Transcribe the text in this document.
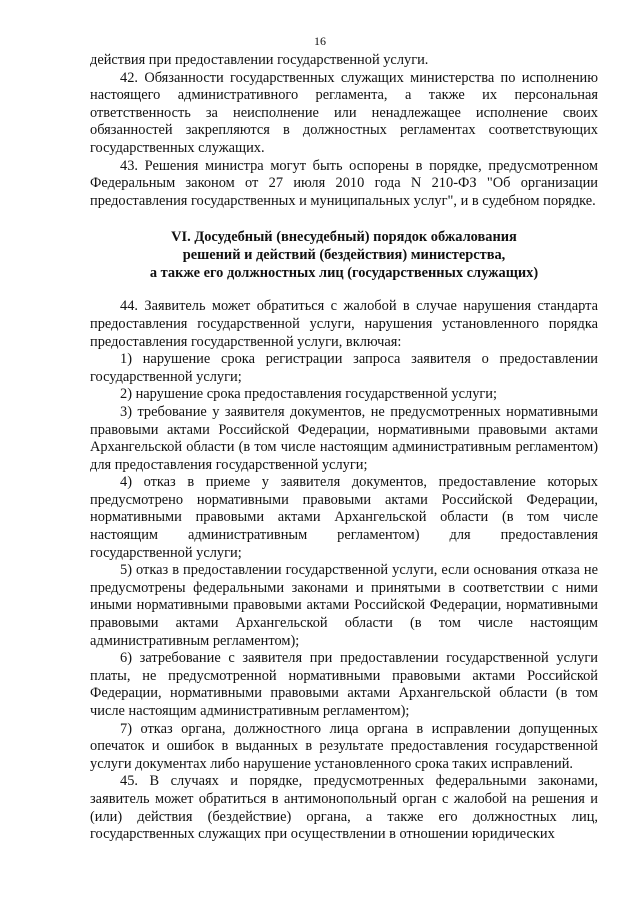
16

действия при предоставлении государственной услуги.

42. Обязанности государственных служащих министерства по исполнению настоящего административного регламента, а также их персональная ответственность за неисполнение или ненадлежащее исполнение своих обязанностей закрепляются в должностных регламентах соответствующих государственных служащих.

43. Решения министра могут быть оспорены в порядке, предусмотренном Федеральным законом от 27 июля 2010 года N 210-ФЗ "Об организации предоставления государственных и муниципальных услуг", и в судебном порядке.

VI. Досудебный (внесудебный) порядок обжалования
решений и действий (бездействия) министерства,
а также его должностных лиц (государственных служащих)

44. Заявитель может обратиться с жалобой в случае нарушения стандарта предоставления государственной услуги, нарушения установленного порядка предоставления государственной услуги, включая:

1) нарушение срока регистрации запроса заявителя о предоставлении государственной услуги;

2) нарушение срока предоставления государственной услуги;

3) требование у заявителя документов, не предусмотренных нормативными правовыми актами Российской Федерации, нормативными правовыми актами Архангельской области (в том числе настоящим административным регламентом) для предоставления государственной услуги;

4) отказ в приеме у заявителя документов, предоставление которых предусмотрено нормативными правовыми актами Российской Федерации, нормативными правовыми актами Архангельской области (в том числе настоящим административным регламентом) для предоставления государственной услуги;

5) отказ в предоставлении государственной услуги, если основания отказа не предусмотрены федеральными законами и принятыми в соответствии с ними иными нормативными правовыми актами Российской Федерации, нормативными правовыми актами Архангельской области (в том числе настоящим административным регламентом);

6) затребование с заявителя при предоставлении государственной услуги платы, не предусмотренной нормативными правовыми актами Российской Федерации, нормативными правовыми актами Архангельской области (в том числе настоящим административным регламентом);

7) отказ органа, должностного лица органа в исправлении допущенных опечаток и ошибок в выданных в результате предоставления государственной услуги документах либо нарушение установленного срока таких исправлений.

45. В случаях и порядке, предусмотренных федеральными законами, заявитель может обратиться в антимонопольный орган с жалобой на решения и (или) действия (бездействие) органа, а также его должностных лиц, государственных служащих при осуществлении в отношении юридических
